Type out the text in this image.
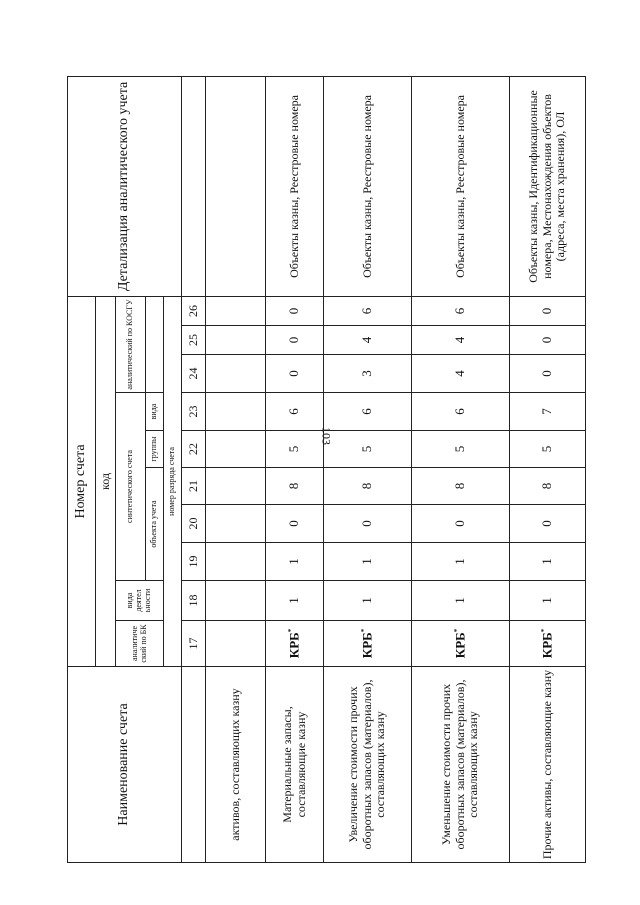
103
Наименование счета	Номер счета										Детализация аналитического учета
	код										
	аналитиче ский по БК	вида деятел ьности	синтетического счета					аналитический по КОСГУ			
			объекта учета			группы	вида				
	номер разряда счета										
	17	18	19	20	21	22	23	24	25	26	
активов, составляющих казну											
Материальные запасы, составляющие казну	КРБ*	1	1	0	8	5	6	0	0	0	Объекты казны, Реестровые номера
Увеличение стоимости прочих оборотных запасов (материалов), составляющих казну	КРБ*	1	1	0	8	5	6	3	4	6	Объекты казны, Реестровые номера
Уменьшение стоимости прочих оборотных запасов (материалов), составляющих казну	КРБ*	1	1	0	8	5	6	4	4	6	Объекты казны, Реестровые номера
Прочие активы, составляющие казну	КРБ*	1	1	0	8	5	7	0	0	0	Объекты казны, Идентификационные номера, Местонахождения объектов (адреса, места хранения), ОЛ
